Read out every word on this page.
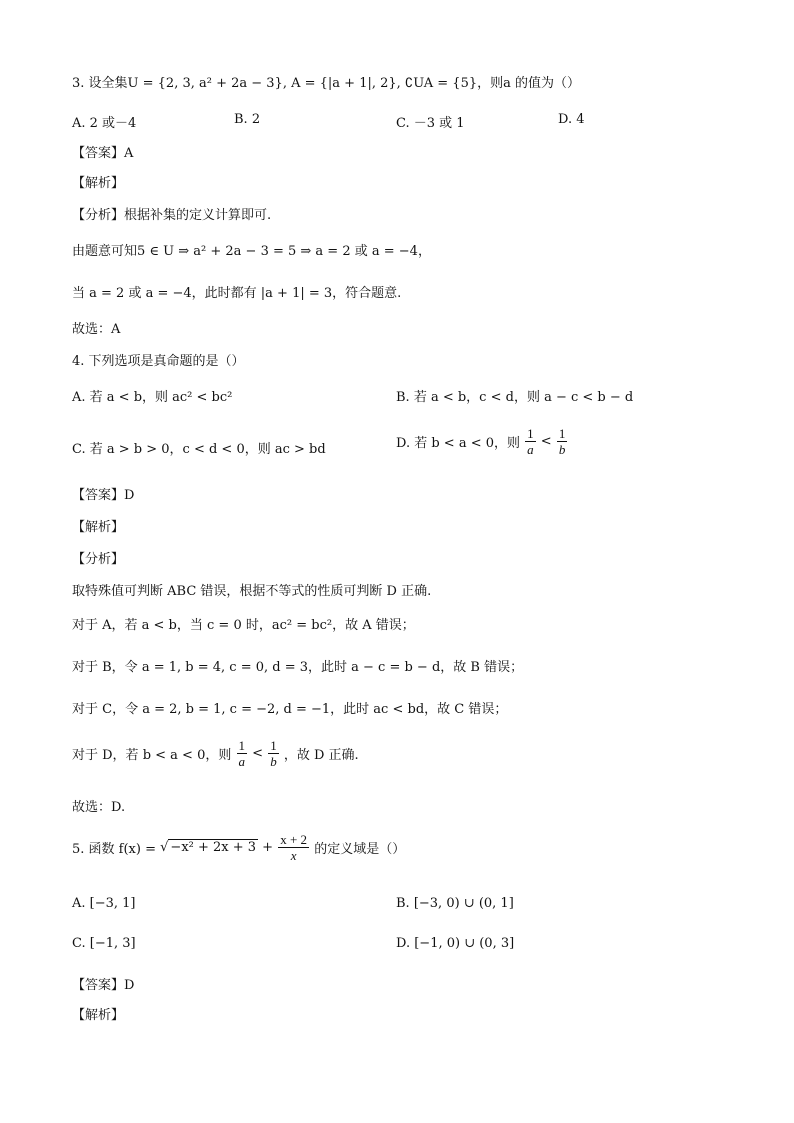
3. 设全集U = {2, 3, a² + 2a − 3}, A = {|a + 1|, 2}, ∁UA = {5}，则a 的值为（）
A. 2 或－4	B. 2	C. －3 或 1	D. 4
【答案】A
【解析】
【分析】根据补集的定义计算即可.
由题意可知5 ∈ U ⇒ a² + 2a − 3 = 5 ⇒ a = 2 或 a = −4，
当 a = 2 或 a = −4，此时都有 |a + 1| = 3，符合题意.
故选：A
4. 下列选项是真命题的是（）
A. 若 a < b，则 ac² < bc²	B. 若 a < b，c < d，则 a − c < b − d
C. 若 a > b > 0，c < d < 0，则 ac > bd	D. 若 b < a < 0，则 $\frac{1}{a} < \frac{1}{b}$
【答案】D
【解析】
【分析】
取特殊值可判断 ABC 错误，根据不等式的性质可判断 D 正确.
对于 A，若 a < b，当 c = 0 时，ac² = bc²，故 A 错误；
对于 B，令 a = 1, b = 4, c = 0, d = 3，此时 a − c = b − d，故 B 错误；
对于 C，令 a = 2, b = 1, c = −2, d = −1，此时 ac < bd，故 C 错误；
对于 D，若 b < a < 0，则 $\frac{1}{a} < \frac{1}{b}$ ，故 D 正确.
故选：D.
5. 函数 f(x) = √ $-x^2 + 2x + 3 + \frac{x + 2}{x}$ 的定义域是（）
A. [−3, 1]	B. [−3, 0) ∪ (0, 1]
C. [−1, 3]	D. [−1, 0) ∪ (0, 3]
【答案】D
【解析】
